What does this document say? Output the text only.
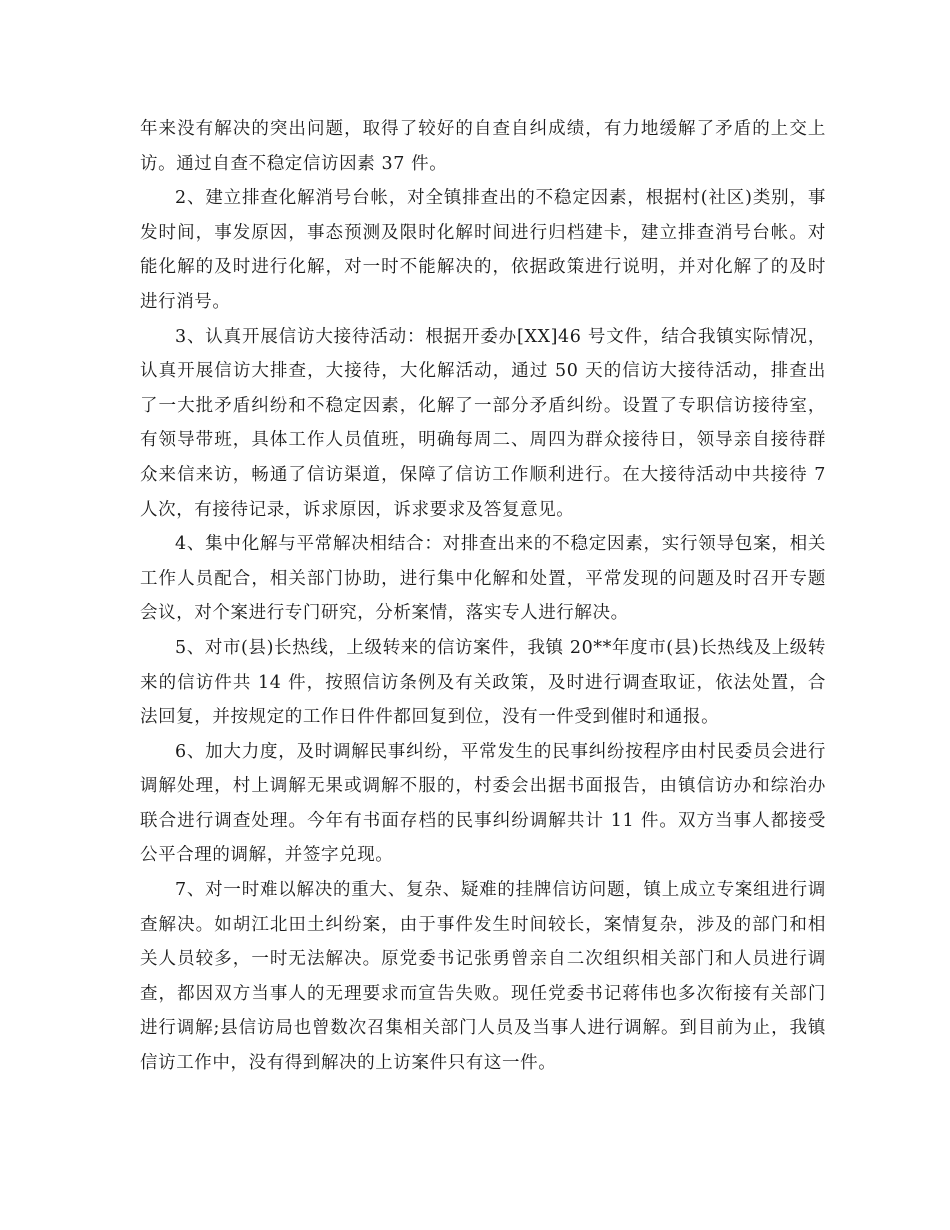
年来没有解决的突出问题，取得了较好的自查自纠成绩，有力地缓解了矛盾的上交上访。通过自查不稳定信访因素 37 件。

2、建立排查化解消号台帐，对全镇排查出的不稳定因素，根据村(社区)类别，事发时间，事发原因，事态预测及限时化解时间进行归档建卡，建立排查消号台帐。对能化解的及时进行化解，对一时不能解决的，依据政策进行说明，并对化解了的及时进行消号。

3、认真开展信访大接待活动：根据开委办[XX]46 号文件，结合我镇实际情况，认真开展信访大排查，大接待，大化解活动，通过 50 天的信访大接待活动，排查出了一大批矛盾纠纷和不稳定因素，化解了一部分矛盾纠纷。设置了专职信访接待室，有领导带班，具体工作人员值班，明确每周二、周四为群众接待日，领导亲自接待群众来信来访，畅通了信访渠道，保障了信访工作顺利进行。在大接待活动中共接待 7 人次，有接待记录，诉求原因，诉求要求及答复意见。

4、集中化解与平常解决相结合：对排查出来的不稳定因素，实行领导包案，相关工作人员配合，相关部门协助，进行集中化解和处置，平常发现的问题及时召开专题会议，对个案进行专门研究，分析案情，落实专人进行解决。

5、对市(县)长热线，上级转来的信访案件，我镇 20**年度市(县)长热线及上级转来的信访件共 14 件，按照信访条例及有关政策，及时进行调查取证，依法处置，合法回复，并按规定的工作日件件都回复到位，没有一件受到催时和通报。

6、加大力度，及时调解民事纠纷，平常发生的民事纠纷按程序由村民委员会进行调解处理，村上调解无果或调解不服的，村委会出据书面报告，由镇信访办和综治办联合进行调查处理。今年有书面存档的民事纠纷调解共计 11 件。双方当事人都接受公平合理的调解，并签字兑现。

7、对一时难以解决的重大、复杂、疑难的挂牌信访问题，镇上成立专案组进行调查解决。如胡江北田土纠纷案，由于事件发生时间较长，案情复杂，涉及的部门和相关人员较多，一时无法解决。原党委书记张勇曾亲自二次组织相关部门和人员进行调查，都因双方当事人的无理要求而宣告失败。现任党委书记蒋伟也多次衔接有关部门进行调解;县信访局也曾数次召集相关部门人员及当事人进行调解。到目前为止，我镇信访工作中，没有得到解决的上访案件只有这一件。
